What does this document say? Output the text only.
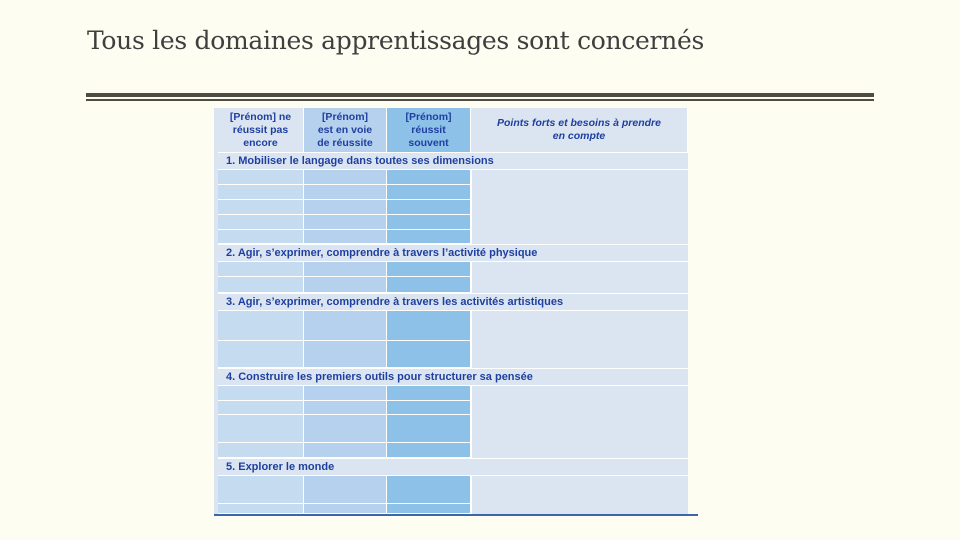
Tous les domaines apprentissages sont concernés
[Prénom] ne
réussit pas
encore
[Prénom]
est en voie
de réussite
[Prénom]
réussit
souvent
Points forts et besoins à prendre
en compte
1. Mobiliser le langage dans toutes ses dimensions
2. Agir, s’exprimer, comprendre à travers l’activité physique
3. Agir, s’exprimer, comprendre à travers les activités artistiques
4. Construire les premiers outils pour structurer sa pensée
5. Explorer le monde
